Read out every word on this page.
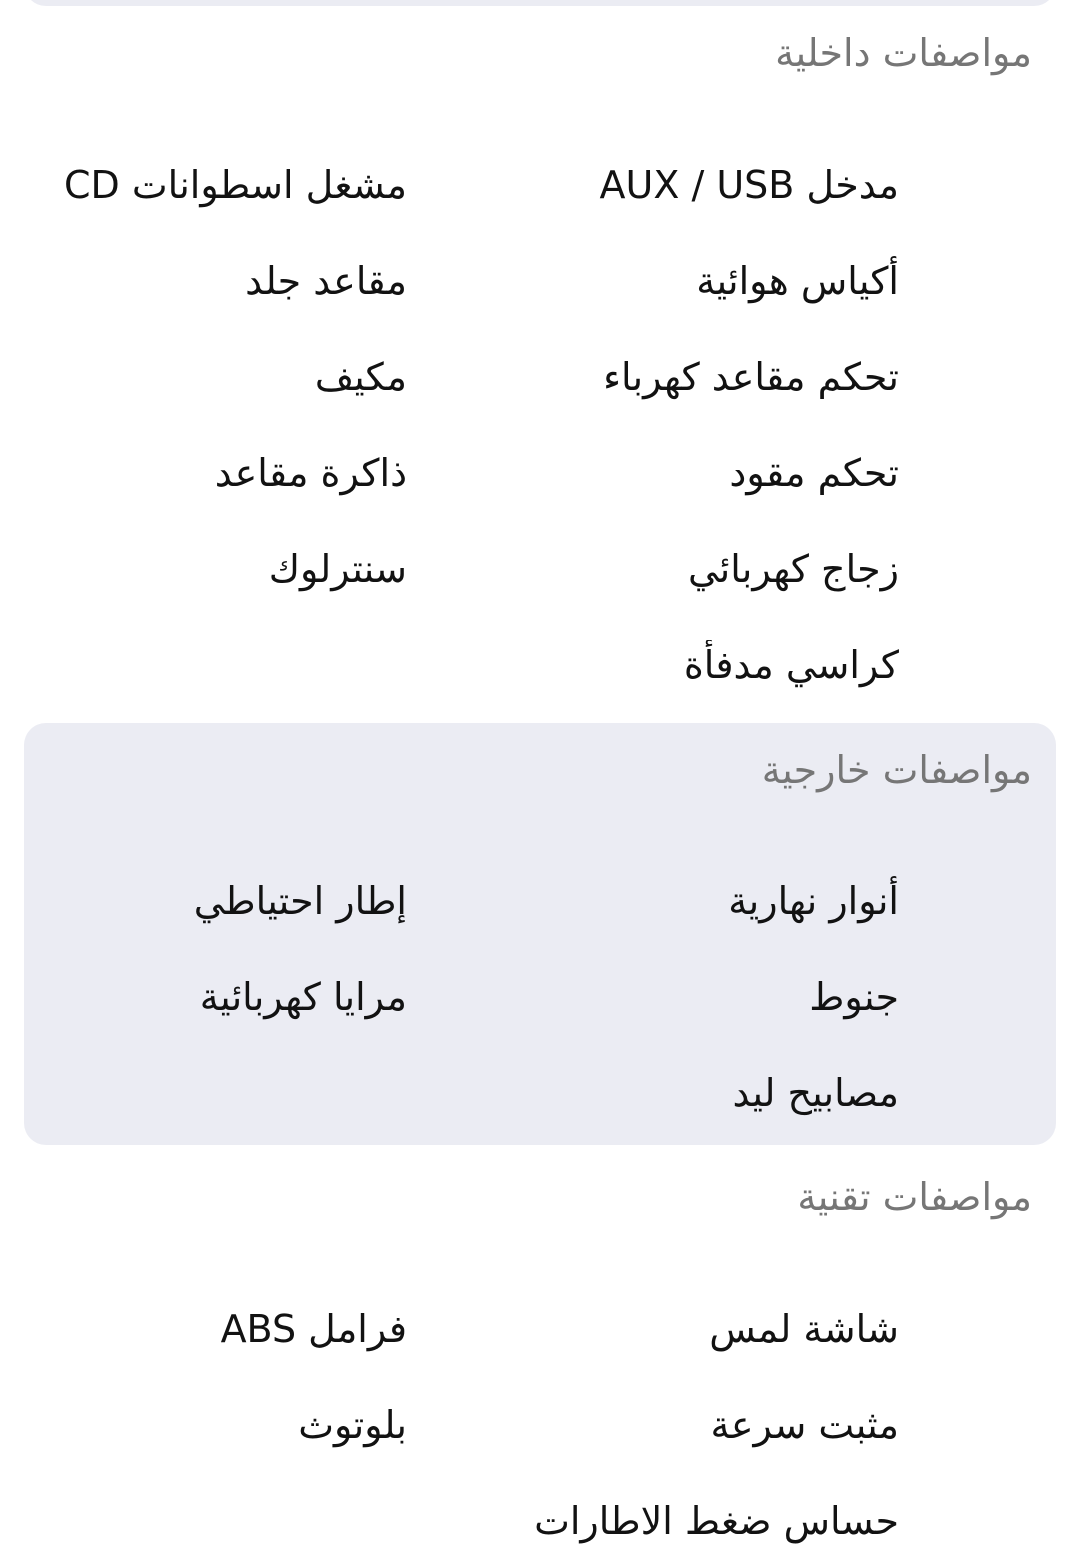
مواصفات داخلية
مدخل AUX / USB
مشغل اسطوانات CD
أكياس هوائية
مقاعد جلد
تحكم مقاعد كهرباء
مكيف
تحكم مقود
ذاكرة مقاعد
زجاج كهربائي
سنترلوك
كراسي مدفأة
مواصفات خارجية
أنوار نهارية
إطار احتياطي
جنوط
مرايا كهربائية
مصابيح ليد
مواصفات تقنية
شاشة لمس
فرامل ABS
مثبت سرعة
بلوتوث
حساس ضغط الاطارات
